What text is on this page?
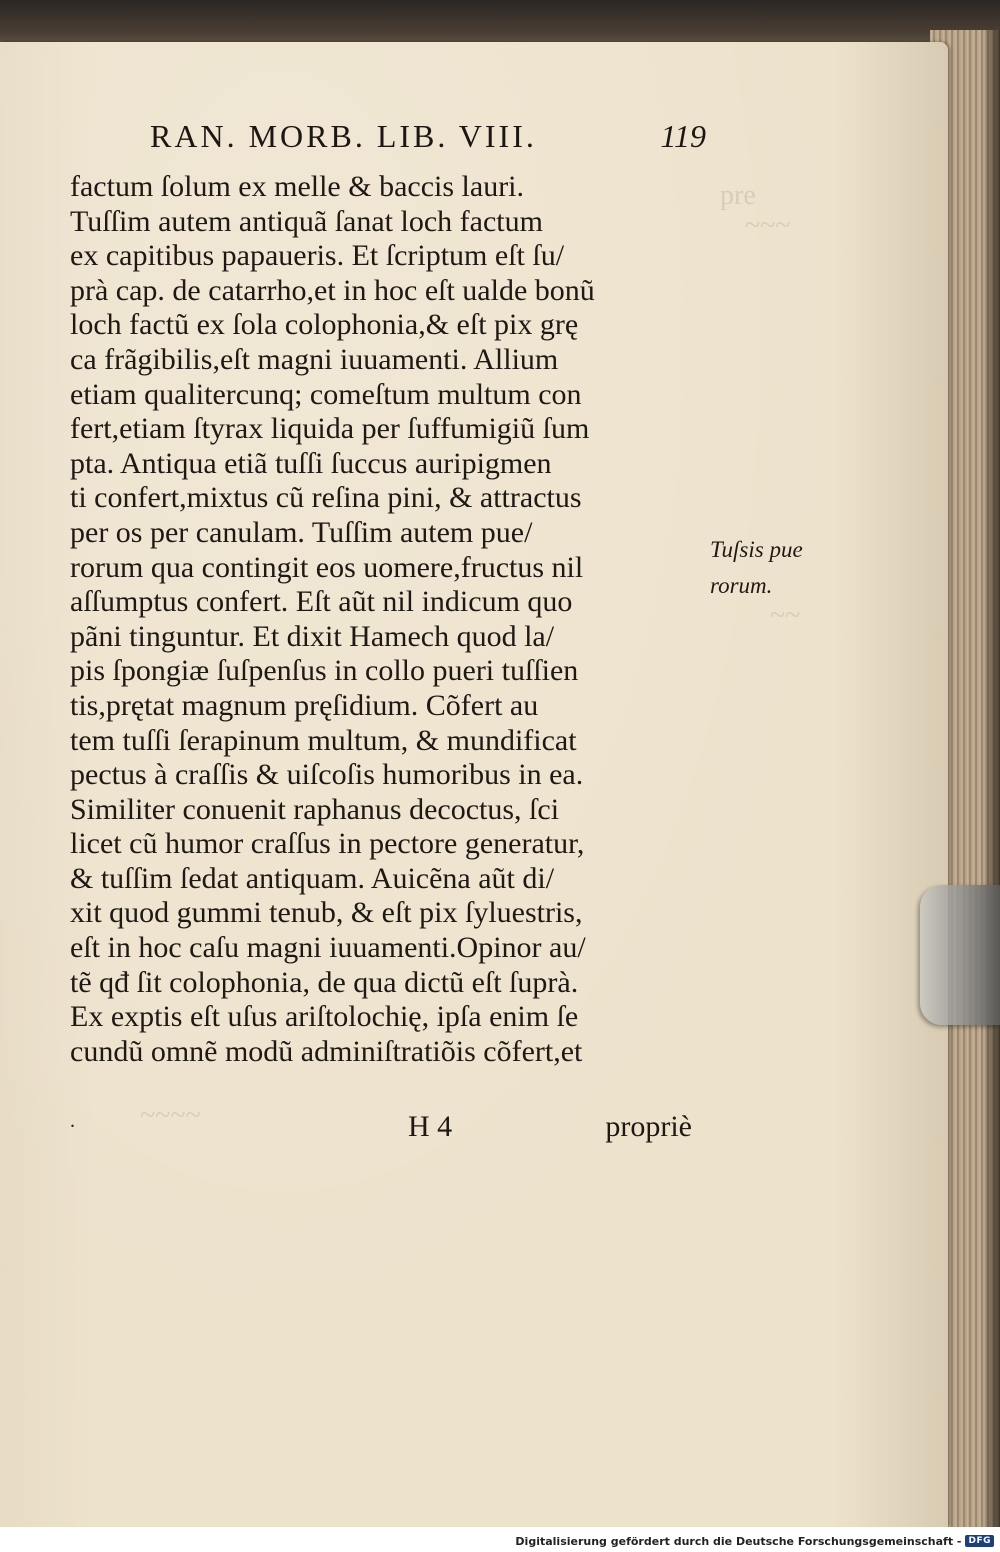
pre
~~~
~~
~~~~
RAN. MORB. LIB. VIII.	119
factum ſolum ex melle & baccis lauri.
Tuſſim autem antiquã ſanat loch factum
ex capitibus papaueris. Et ſcriptum eſt ſu/
prà cap. de catarrho,et in hoc eſt ualde bonũ
loch factũ ex ſola colophonia,& eſt pix grę
ca frãgibilis,eſt magni iuuamenti. Allium
etiam qualitercunq; comeſtum multum con
fert,etiam ſtyrax liquida per ſuffumigiũ ſum
pta. Antiqua etiã tuſſi ſuccus auripigmen
ti confert,mixtus cũ reſina pini, & attractus
per os per canulam. Tuſſim autem pue/
rorum qua contingit eos uomere,fructus nil
aſſumptus confert. Eſt aũt nil indicum quo
pãni tinguntur. Et dixit Hamech quod la/
pis ſpongiæ ſuſpenſus in collo pueri tuſſien
tis,prętat magnum pręſidium. Cõfert au
tem tuſſi ſerapinum multum, & mundificat
pectus à craſſis & uiſcoſis humoribus in ea.
Similiter conuenit raphanus decoctus, ſci
licet cũ humor craſſus in pectore generatur,
& tuſſim ſedat antiquam. Auicẽna aũt di/
xit quod gummi tenub, & eſt pix ſyluestris,
eſt in hoc caſu magni iuuamenti.Opinor au/
tẽ qđ ſit colophonia, de qua dictũ eſt ſuprà.
Ex exptis eſt uſus ariſtolochię, ipſa enim ſe
cundũ omnẽ modũ adminiſtratiõis cõfert,et
.	H 4	propriè
Tuſsis pue
rorum.
Digitalisierung gefördert durch die Deutsche Forschungsgemeinschaft - DFG
